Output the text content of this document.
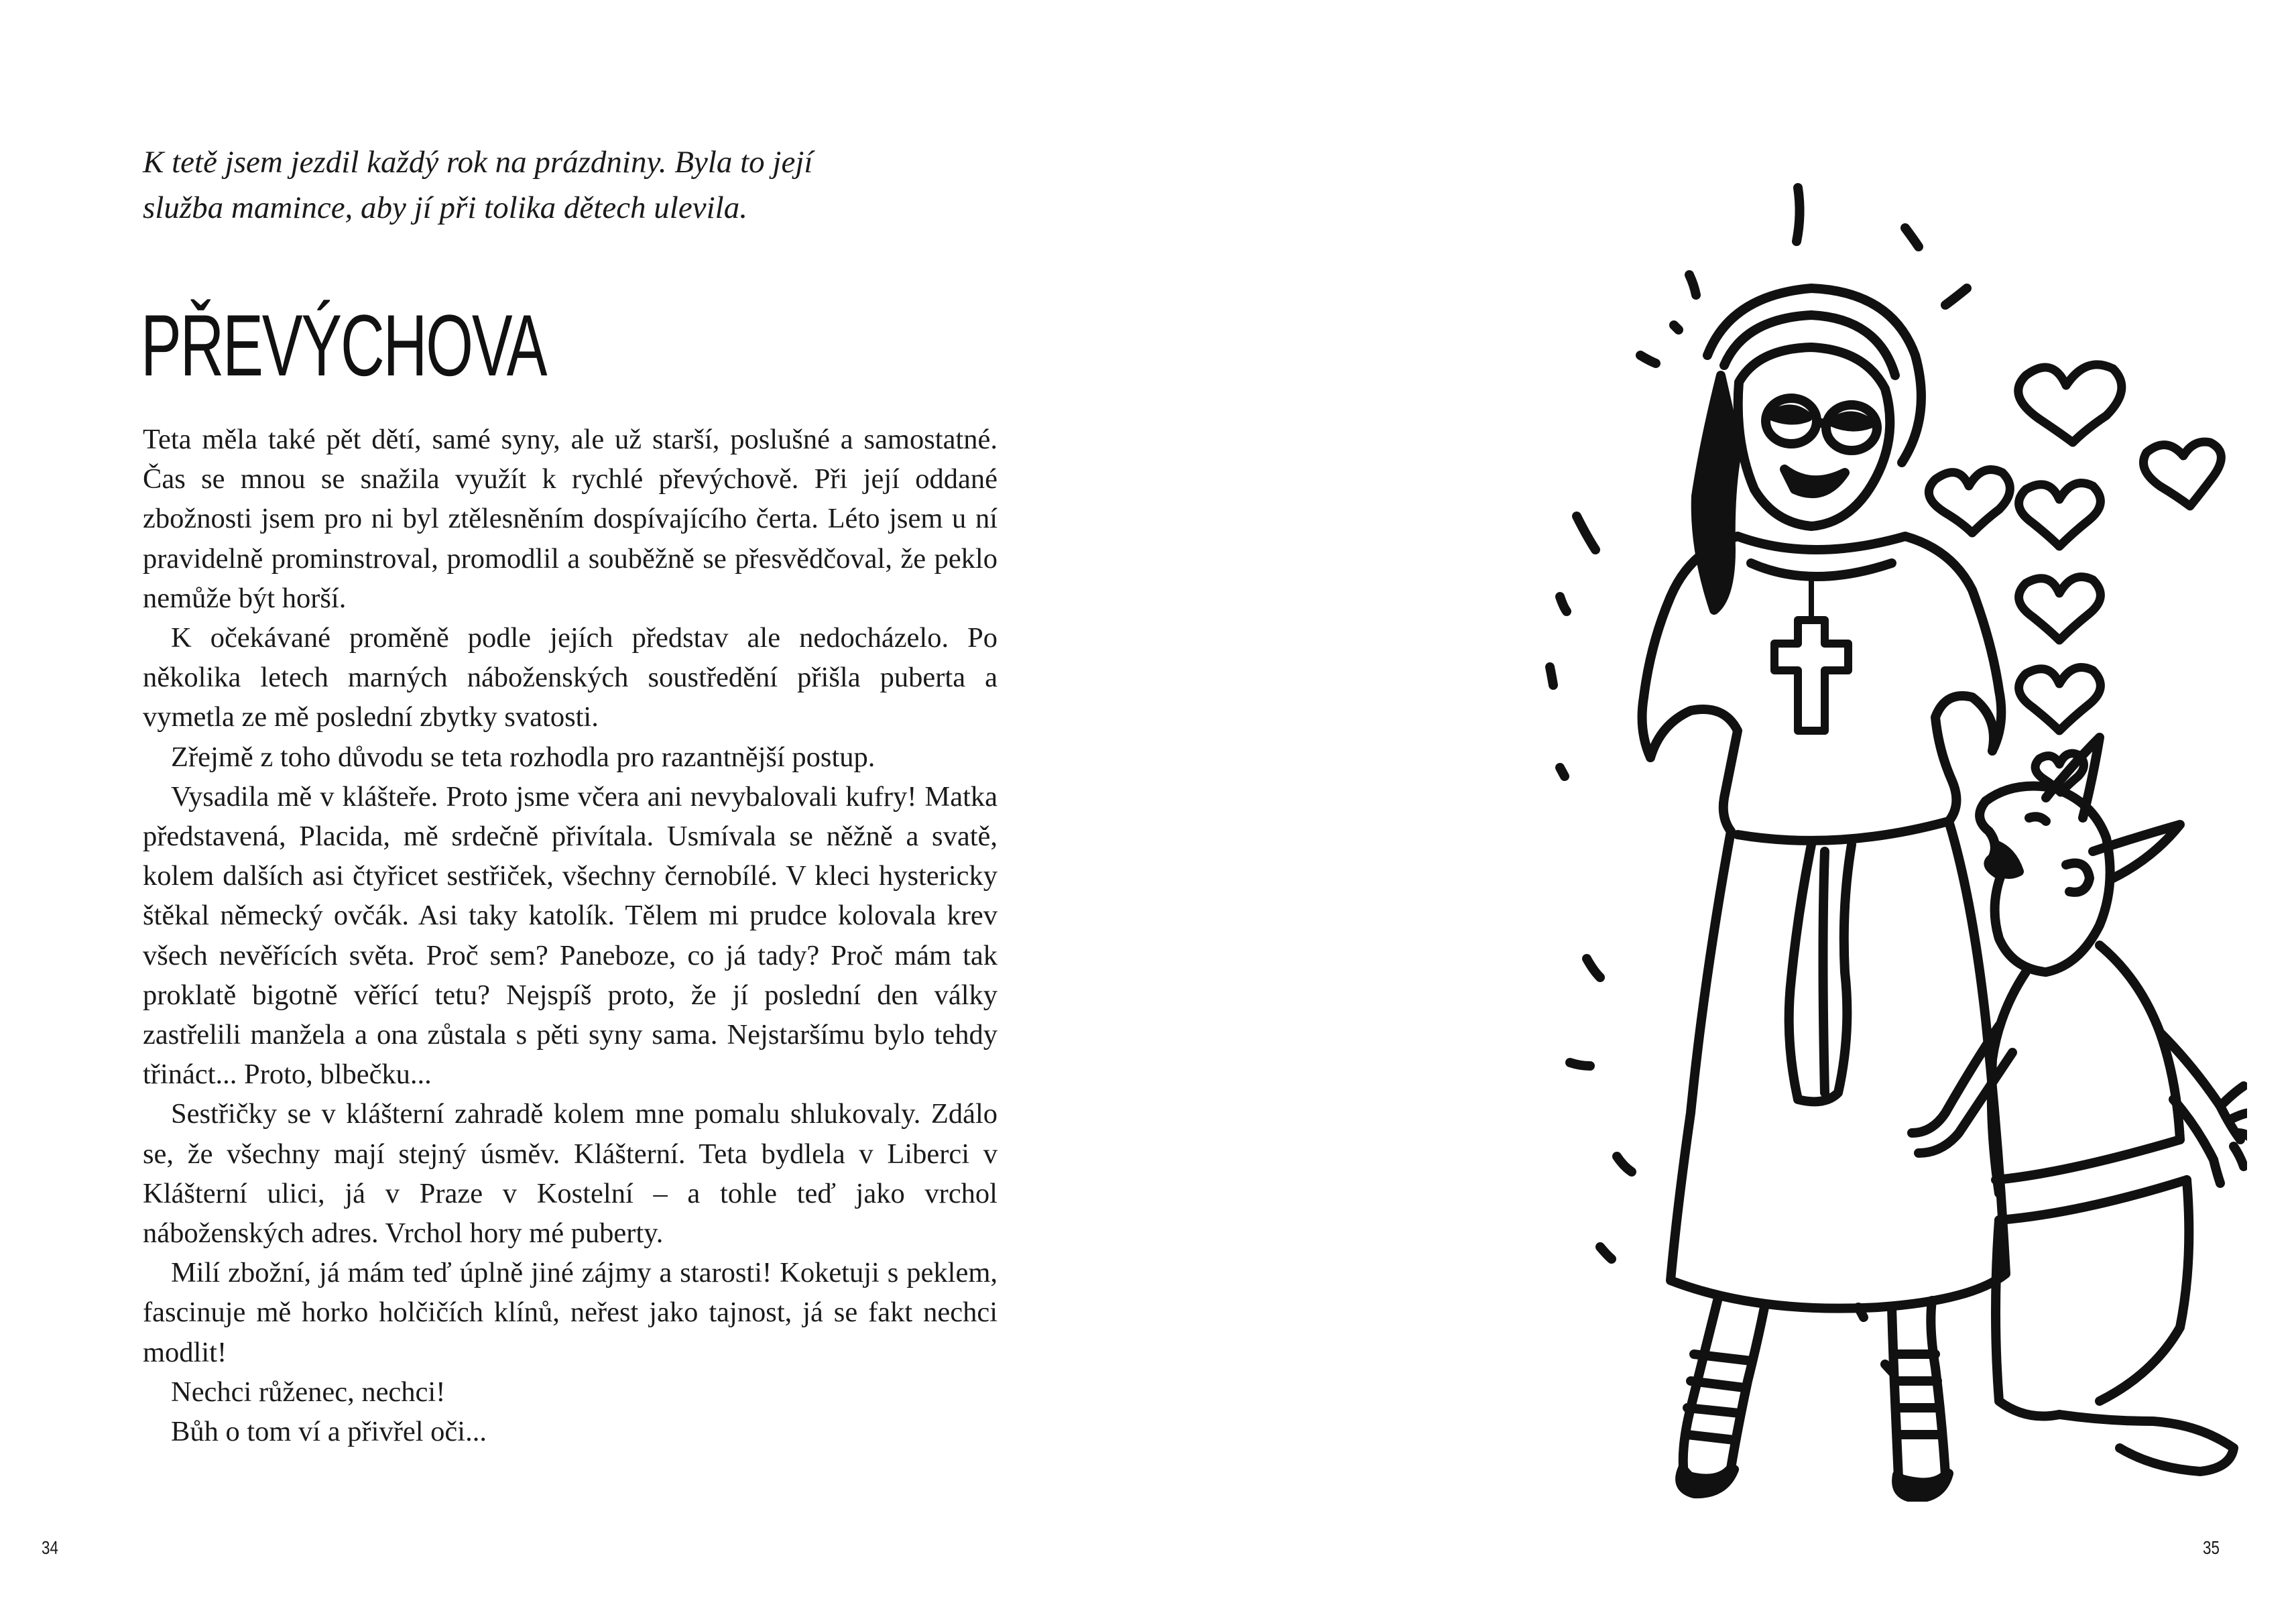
K tetě jsem jezdil každý rok na prázdniny. Byla to její

služba mamince, aby jí při tolika dětech ulevila.

PŘEVÝCHOVA

Teta měla také pět dětí, samé syny, ale už starší, poslušné a samostatné. Čas se mnou se snažila využít k rychlé převýchově. Při její oddané zbožnosti jsem pro ni byl ztělesněním dospívajícího čerta. Léto jsem u ní pravidelně prominstroval, promodlil a souběžně se přesvědčoval, že peklo nemůže být horší.

K očekávané proměně podle jejích představ ale nedocházelo. Po několika letech marných náboženských soustředění přišla puberta a vymetla ze mě poslední zbytky svatosti.

Zřejmě z toho důvodu se teta rozhodla pro razantnější postup.

Vysadila mě v klášteře. Proto jsme včera ani nevybalovali kufry! Matka představená, Placida, mě srdečně přivítala. Usmívala se něžně a svatě, kolem dalších asi čtyřicet sestřiček, všechny černobílé. V kleci hystericky štěkal německý ovčák. Asi taky katolík. Tělem mi prudce kolovala krev všech nevěřících světa. Proč sem? Paneboze, co já tady? Proč mám tak proklatě bigotně věřící tetu? Nejspíš proto, že jí poslední den války zastřelili manžela a ona zůstala s pěti syny sama. Nejstaršímu bylo tehdy třináct... Proto, blbečku...

Sestřičky se v klášterní zahradě kolem mne pomalu shlukovaly. Zdálo se, že všechny mají stejný úsměv. Klášterní. Teta bydlela v Liberci v Klášterní ulici, já v Praze v Kostelní – a tohle teď jako vrchol náboženských adres. Vrchol hory mé puberty.

Milí zbožní, já mám teď úplně jiné zájmy a starosti! Koketuji s peklem, fascinuje mě horko holčičích klínů, neřest jako tajnost, já se fakt nechci modlit!

Nechci růženec, nechci!

Bůh o tom ví a přivřel oči...

34	35
